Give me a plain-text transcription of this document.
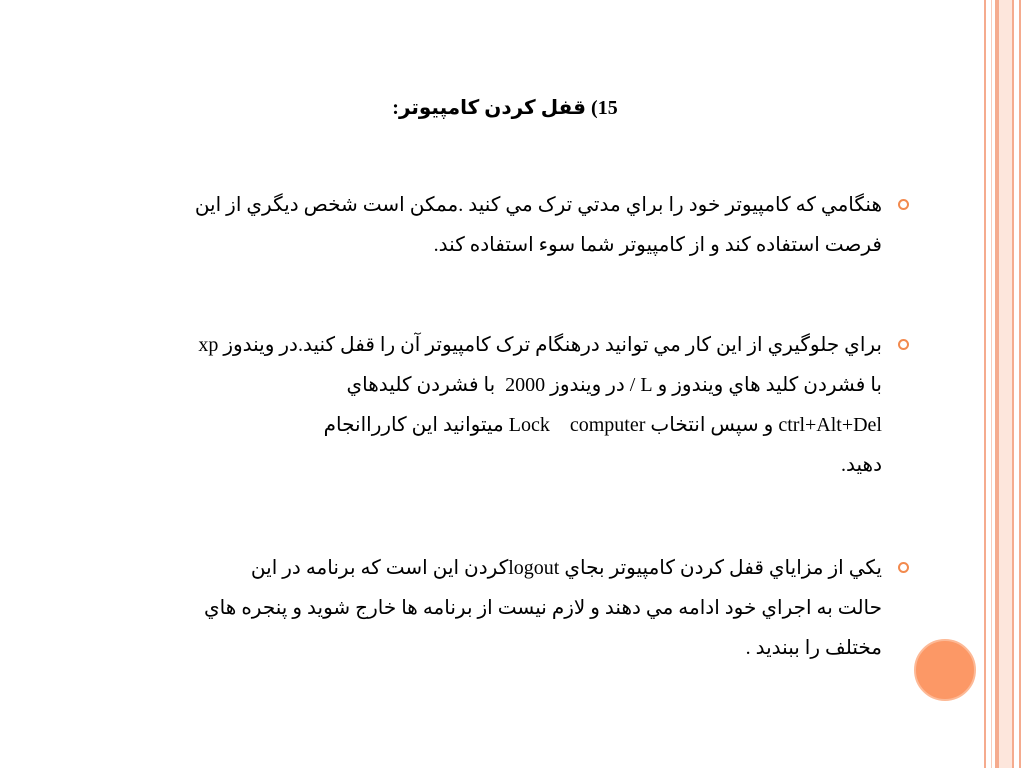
15) قفل کردن کامپيوتر:
هنگامي که کامپيوتر خود را براي مدتي ترک مي کنيد .ممکن است شخص ديگري از اين
فرصت استفاده کند و از کامپيوتر شما سوء استفاده کند.
براي جلوگيري از اين کار مي توانيد درهنگام ترک کامپيوتر آن را قفل کنيد.در ويندوز xp
با فشردن کليد هاي ويندوز و L / در ويندوز 2000  با فشردن کليدهاي
ctrl+Alt+Del و سپس انتخاب computer‏    Lock ميتوانيد اين کارراانجام
دهيد.
يکي از مزاياي قفل کردن کامپيوتر بجاي logoutکردن اين است که برنامه در اين
حالت به اجراي خود ادامه مي دهند و لازم نيست از برنامه ها خارج شويد و پنجره هاي
مختلف را ببنديد .
